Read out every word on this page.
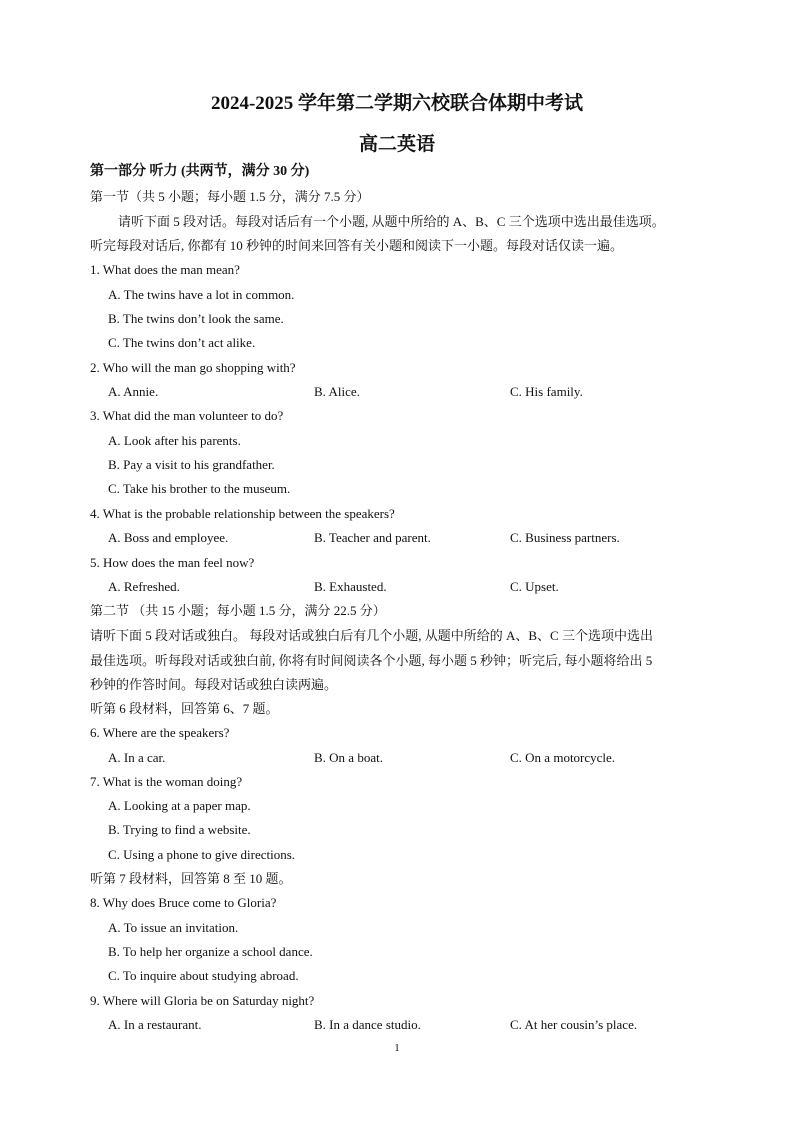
2024-2025 学年第二学期六校联合体期中考试
高二英语
第一部分 听力 (共两节，满分 30 分)
第一节（共 5 小题；每小题 1.5 分，满分 7.5 分）
请听下面 5 段对话。每段对话后有一个小题, 从题中所给的 A、B、C 三个选项中选出最佳选项。
听完每段对话后, 你都有 10 秒钟的时间来回答有关小题和阅读下一小题。每段对话仅读一遍。
1. What does the man mean?
A. The twins have a lot in common.
B. The twins don’t look the same.
C. The twins don’t act alike.
2. Who will the man go shopping with?
A. Annie.	B. Alice.	C. His family.
3. What did the man volunteer to do?
A. Look after his parents.
B. Pay a visit to his grandfather.
C. Take his brother to the museum.
4. What is the probable relationship between the speakers?
A. Boss and employee.	B. Teacher and parent.	C. Business partners.
5. How does the man feel now?
A. Refreshed.	B. Exhausted.	C. Upset.
第二节 （共 15 小题；每小题 1.5 分，满分 22.5 分）
请听下面 5 段对话或独白。 每段对话或独白后有几个小题, 从题中所给的 A、B、C 三个选项中选出
最佳选项。听每段对话或独白前, 你将有时间阅读各个小题, 每小题 5 秒钟；听完后, 每小题将给出 5
秒钟的作答时间。每段对话或独白读两遍。
听第 6 段材料，回答第 6、7 题。
6. Where are the speakers?
A. In a car.	B. On a boat.	C. On a motorcycle.
7. What is the woman doing?
A. Looking at a paper map.
B. Trying to find a website.
C. Using a phone to give directions.
听第 7 段材料，回答第 8 至 10 题。
8. Why does Bruce come to Gloria?
A. To issue an invitation.
B. To help her organize a school dance.
C. To inquire about studying abroad.
9. Where will Gloria be on Saturday night?
A. In a restaurant.	B. In a dance studio.	C. At her cousin’s place.
1
